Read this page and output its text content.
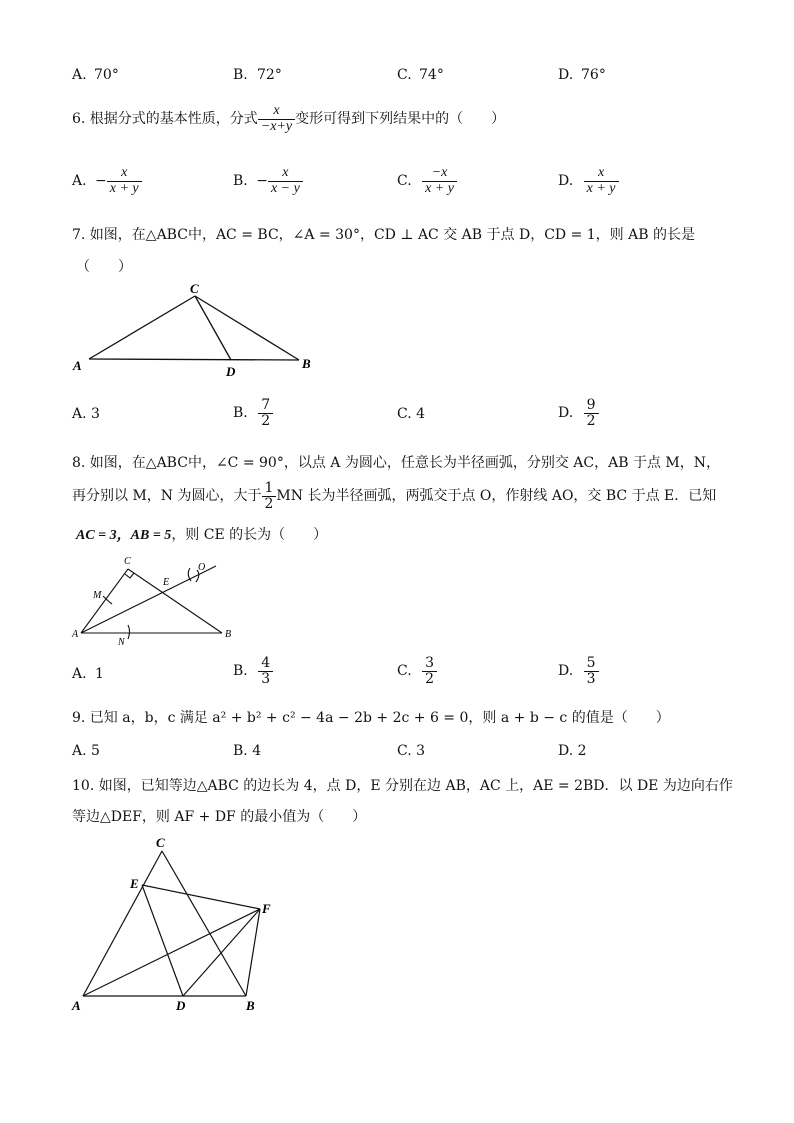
A. 70°	B. 72°	C. 74°	D. 76°
6. 根据分式的基本性质，分式 $\frac{x}{-x+y}$ 变形可得到下列结果中的（　　）
A. − $\frac{x}{x + y}$	B. − $\frac{x}{x - y}$	C. $\frac{-x}{x + y}$	D. $\frac{x}{x + y}$
7. 如图，在△ABC中，AC = BC，∠A = 30°，CD ⊥ AC 交 AB 于点 D，CD = 1，则 AB 的长是
（　　）
A	B
C
D
A. 3	B. $\frac{7}{2}$	C. 4	D. $\frac{9}{2}$
8. 如图，在△ABC中，∠C = 90°，以点 A 为圆心，任意长为半径画弧，分别交 AC，AB 于点 M，N，
再分别以 M，N 为圆心，大于 $\frac{1}{2}$ MN 长为半径画弧，两弧交于点 O，作射线 AO，交 BC 于点 E．已知
AC = 3，AB = 5，则 CE 的长为（　　）
A	B
C
M
N
E
O
A. 1	B. $\frac{4}{3}$	C. $\frac{3}{2}$	D. $\frac{5}{3}$
9. 已知 a，b，c 满足 a² + b² + c² − 4a − 2b + 2c + 6 = 0，则 a + b − c 的值是（　　）
A. 5	B. 4	C. 3	D. 2
10. 如图，已知等边△ABC 的边长为 4，点 D，E 分别在边 AB，AC 上，AE = 2BD．以 DE 为边向右作
等边△DEF，则 AF + DF 的最小值为（　　）
A	B
C
D
E
F
